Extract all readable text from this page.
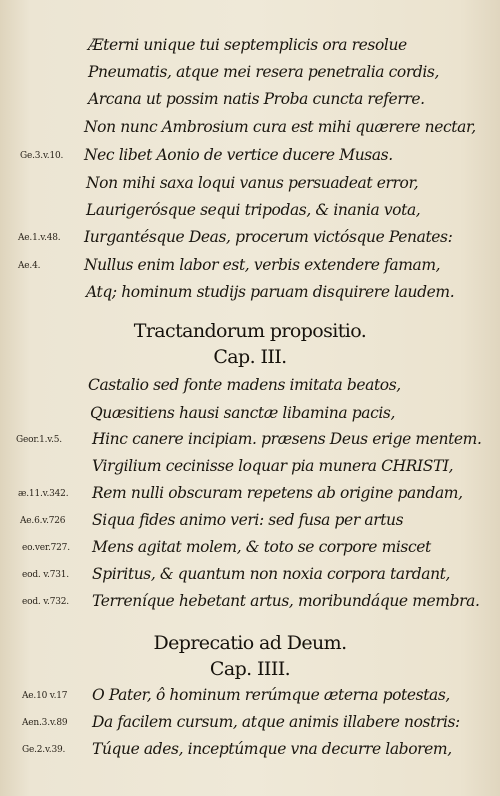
Æterni unique tui septemplicis ora resolue
Pneumatis, atque mei resera penetralia cordis,
Arcana ut possim natis Proba cuncta referre.
Non nunc Ambrosium cura est mihi quærere nectar,
Ge.3.v.10. Nec libet Aonio de vertice ducere Musas.
Non mihi saxa loqui vanus persuadeat error,
Laurigerósque sequi tripodas, & inania vota,
Ae.1.v.48. Iurgantésque Deas, procerum victósque Penates:
Ae.4.	Nullus enim labor est, verbis extendere famam,
Atq; hominum studijs paruam disquirere laudem.
Tractandorum propositio.
Cap. III.
Castalio sed fonte madens imitata beatos,
Quæsitiens hausi sanctæ libamina pacis,
Geor.1.v.5. Hinc canere incipiam. præsens Deus erige mentem.
Virgilium cecinisse loquar pia munera CHRISTI,
æ.11.v.342. Rem nulli obscuram repetens ab origine pandam,
Ae.6.v.726 Siqua fides animo veri: sed fusa per artus
eo.ver.727. Mens agitat molem, & toto se corpore miscet
eod. v.731. Spiritus, & quantum non noxia corpora tardant,
eod. v.732. Terreníque hebetant artus, moribundáque membra.
Deprecatio ad Deum.
Cap. IIII.
Ae.10 v.17 O Pater, ô hominum rerúmque æterna potestas,
Aen.3.v.89 Da facilem cursum, atque animis illabere nostris:
Ge.2.v.39. Túque ades, inceptúmque vna decurre laborem,
